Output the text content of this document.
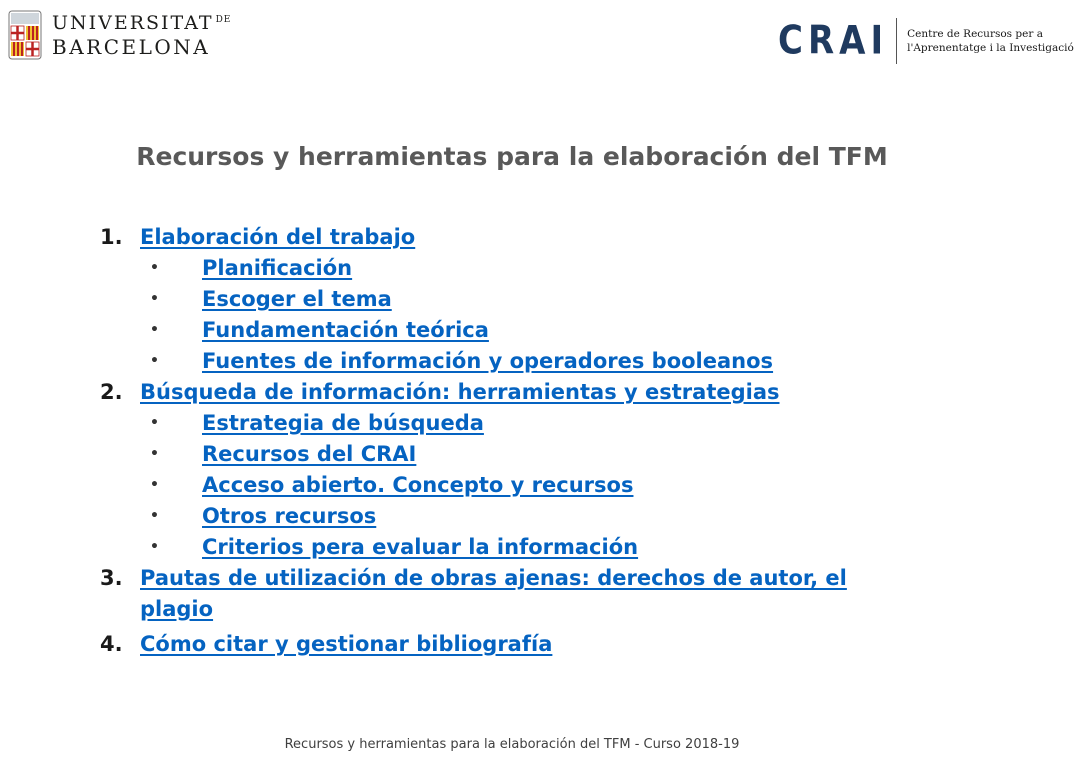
UNIVERSITAT DE
BARCELONA	CRAI Centre de Recursos per a
l'Aprenentatge i la Investigació
Recursos y herramientas para la elaboración del TFM
1. Elaboración del trabajo
•	Planificación
•	Escoger el tema
•	Fundamentación teórica
•	Fuentes de información y operadores booleanos
2. Búsqueda de información: herramientas y estrategias
•	Estrategia de búsqueda
•	Recursos del CRAI
•	Acceso abierto. Concepto y recursos
•	Otros recursos
•	Criterios pera evaluar la información
3. Pautas de utilización de obras ajenas: derechos de autor, el plagio
4. Cómo citar y gestionar bibliografía
Recursos y herramientas para la elaboración del TFM - Curso 2018-19
